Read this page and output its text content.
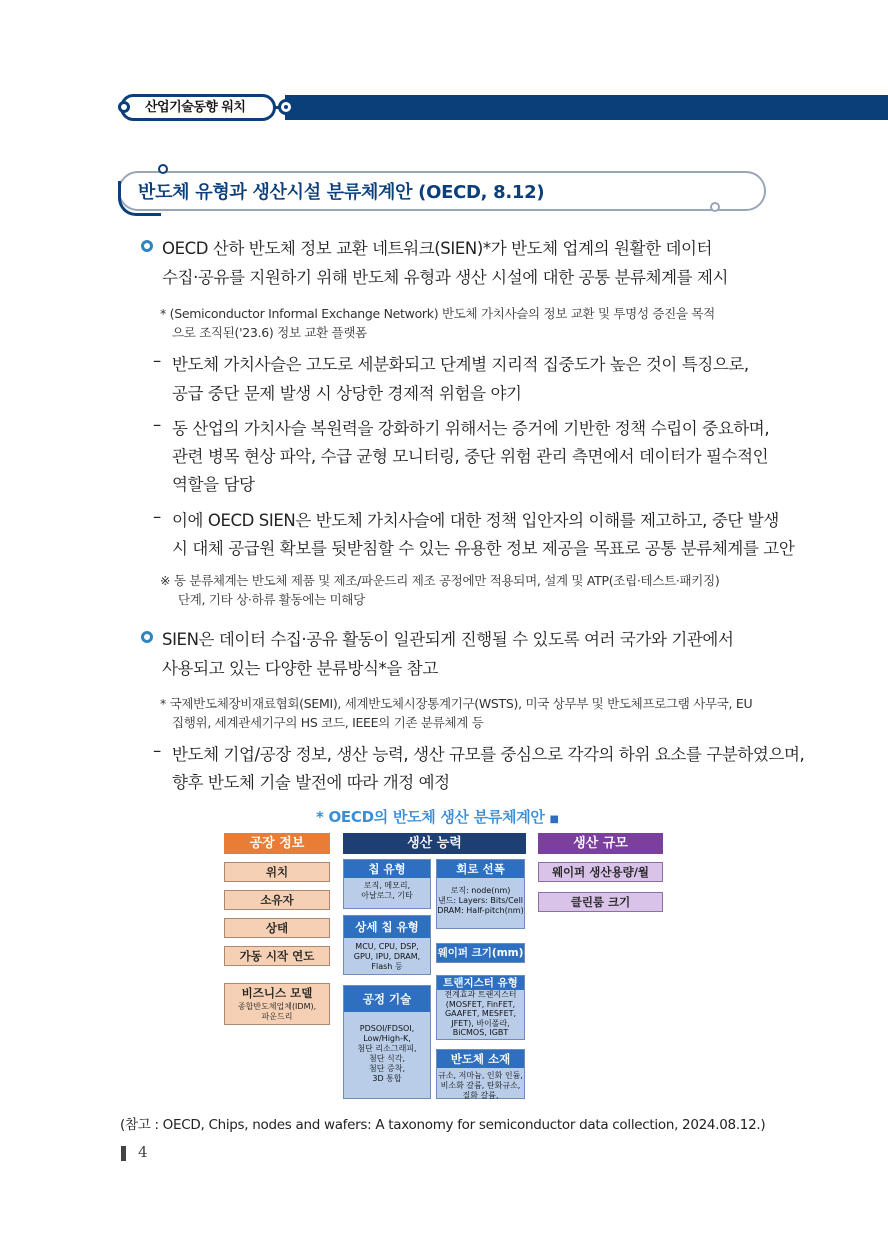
산업기술동향 워치
반도체 유형과 생산시설 분류체계안 (OECD, 8.12)
OECD 산하 반도체 정보 교환 네트워크(SIEN)*가 반도체 업계의 원활한 데이터
수집·공유를 지원하기 위해 반도체 유형과 생산 시설에 대한 공통 분류체계를 제시
* (Semiconductor Informal Exchange Network) 반도체 가치사슬의 정보 교환 및 투명성 증진을 목적
으로 조직된('23.6) 정보 교환 플랫폼
– 반도체 가치사슬은 고도로 세분화되고 단계별 지리적 집중도가 높은 것이 특징으로,
공급 중단 문제 발생 시 상당한 경제적 위험을 야기
– 동 산업의 가치사슬 복원력을 강화하기 위해서는 증거에 기반한 정책 수립이 중요하며,
관련 병목 현상 파악, 수급 균형 모니터링, 중단 위험 관리 측면에서 데이터가 필수적인
역할을 담당
– 이에 OECD SIEN은 반도체 가치사슬에 대한 정책 입안자의 이해를 제고하고, 중단 발생
시 대체 공급원 확보를 뒷받침할 수 있는 유용한 정보 제공을 목표로 공통 분류체계를 고안
※ 동 분류체계는 반도체 제품 및 제조/파운드리 제조 공정에만 적용되며, 설계 및 ATP(조립·테스트·패키징)
단계, 기타 상·하류 활동에는 미해당
SIEN은 데이터 수집·공유 활동이 일관되게 진행될 수 있도록 여러 국가와 기관에서
사용되고 있는 다양한 분류방식*을 참고
* 국제반도체장비재료협회(SEMI), 세계반도체시장통계기구(WSTS), 미국 상무부 및 반도체프로그램 사무국, EU
집행위, 세계관세기구의 HS 코드, IEEE의 기존 분류체계 등
– 반도체 기업/공장 정보, 생산 능력, 생산 규모를 중심으로 각각의 하위 요소를 구분하였으며,
향후 반도체 기술 발전에 따라 개정 예정
* OECD의 반도체 생산 분류체계안 ■
공장 정보
위치
소유자
상태
가동 시작 연도
비즈니스 모델
종합반도체업체(IDM),
파운드리
생산 능력
칩 유형
로직, 메모리,
아날로그, 기타
상세 칩 유형
MCU, CPU, DSP,
GPU, IPU, DRAM,
Flash 등
공정 기술
PDSOI/FDSOI,
Low/High-K,
첨단 리소그래피,
첨단 식각,
첨단 증착,
3D 통합
회로 선폭
로직: node(nm)
낸드: Layers: Bits/Cell
DRAM: Half-pitch(nm)
웨이퍼 크기(mm)
트랜지스터 유형
전계효과 트랜지스터
(MOSFET, FinFET,
GAAFET, MESFET,
JFET), 바이폴라,
BiCMOS, IGBT
반도체 소재
규소, 저마늄, 인화 인듐,
비소화 갈륨, 탄화규소,
질화 갈륨,
생산 규모
웨이퍼 생산용량/월
클린룸 크기
(참고 : OECD, Chips, nodes and wafers: A taxonomy for semiconductor data collection, 2024.08.12.)
4
